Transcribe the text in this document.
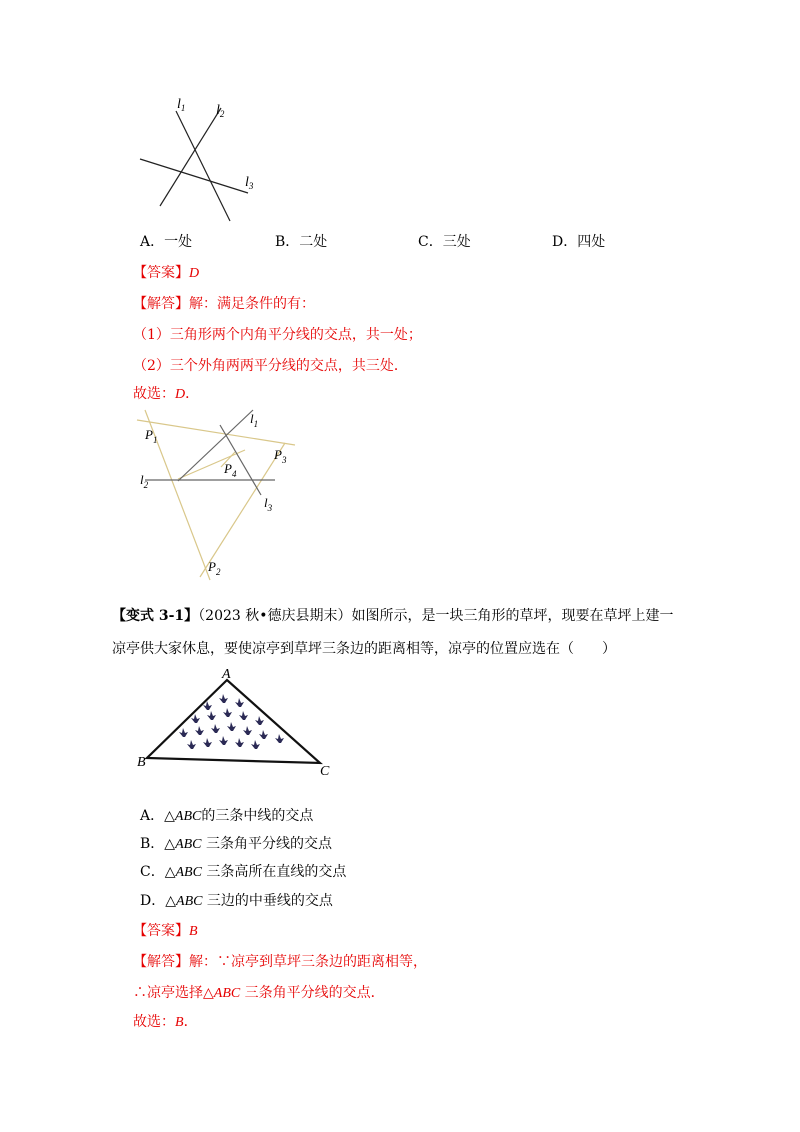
$l_1$ $l_2$
$l_3$
A．一处	B．二处	C．三处	D．四处
【答案】D
【解答】解：满足条件的有：
（1）三角形两个内角平分线的交点，共一处；
（2）三个外角两两平分线的交点，共三处．
故选：D．
$P_1$
$P_2$
$P_3$
$P_4$
$l_1$
$l_2$
$l_3$
【变式 3-1】（2023 秋•德庆县期末）如图所示，是一块三角形的草坪，现要在草坪上建一
凉亭供大家休息，要使凉亭到草坪三条边的距离相等，凉亭的位置应选在（　　）
A
B
C
A．△ABC的三条中线的交点
B．△ABC 三条角平分线的交点
C．△ABC 三条高所在直线的交点
D．△ABC 三边的中垂线的交点
【答案】B
【解答】解：∵凉亭到草坪三条边的距离相等，
∴凉亭选择△ABC 三条角平分线的交点．
故选：B．
